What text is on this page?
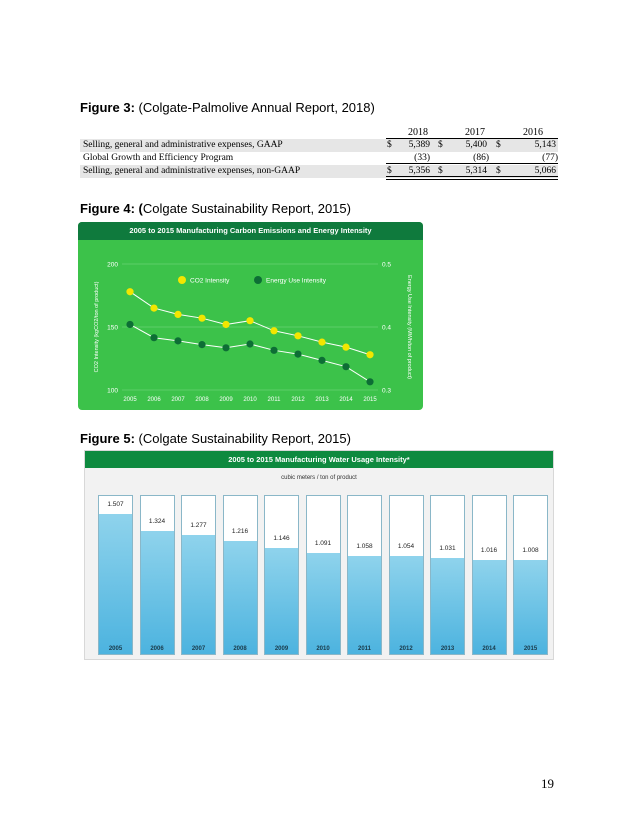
Figure 3: (Colgate-Palmolive Annual Report, 2018)
2018	2017	2016
Selling, general and administrative expenses, GAAP	$	5,389 $	5,400 $	5,143
Global Growth and Efficiency Program	(33)	(86)	(77)
Selling, general and administrative expenses, non-GAAP	$	5,356 $	5,314 $	5,066
Figure 4: (Colgate Sustainability Report, 2015)
2005 to 2015 Manufacturing Carbon Emissions and Energy Intensity
100
150
200
0.3
0.4
0.5
2005 2006 2007 2008 2009 2010 2011 2012 2013 2014 2015
CO2 Intensity (kgCO2/ton of product)	Energy Use Intensity (MWh/ton of product)
CO2 Intensity	Energy Use Intensity
Figure 5: (Colgate Sustainability Report, 2015)
2005 to 2015 Manufacturing Water Usage Intensity*
cubic meters / ton of product
1.507
2005
1.324
2006
1.277
2007
1.216
2008
1.146
2009
1.091
2010
1.058
2011
1.054
2012
1.031
2013
1.016
2014
1.008
2015
19
